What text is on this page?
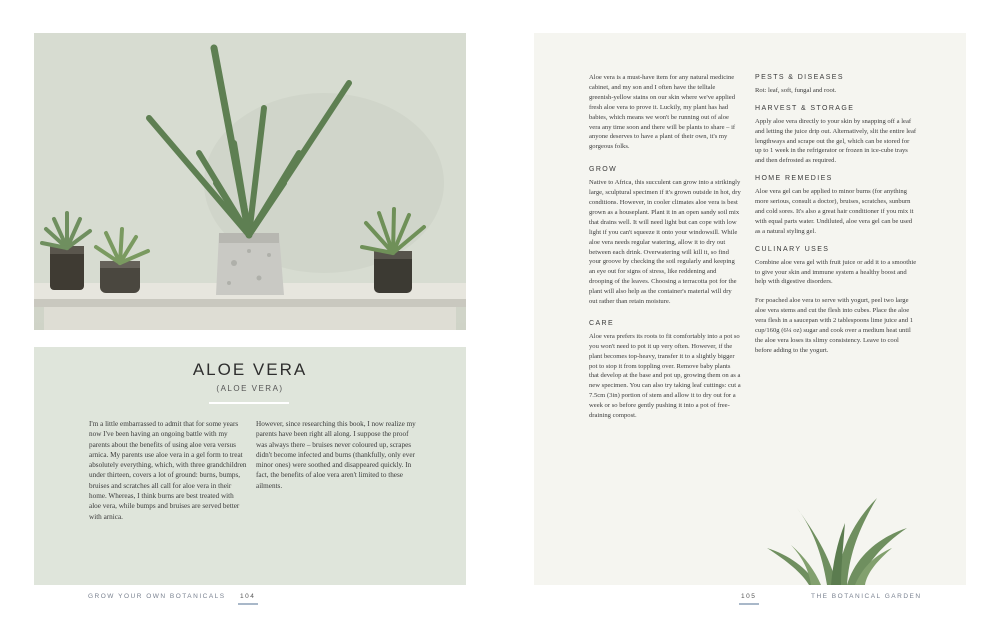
ALOE VERA
(ALOE VERA)
I'm a little embarrassed to admit that for some years now I've been having an ongoing battle with my parents about the benefits of using aloe vera versus arnica. My parents use aloe vera in a gel form to treat absolutely everything, which, with three grandchildren under thirteen, covers a lot of ground: burns, bumps, bruises and scratches all call for aloe vera in their home. Whereas, I think burns are best treated with aloe vera, while bumps and bruises are served better with arnica.
However, since researching this book, I now realize my parents have been right all along. I suppose the proof was always there – bruises never coloured up, scrapes didn't become infected and burns (thankfully, only ever minor ones) were soothed and disappeared quickly. In fact, the benefits of aloe vera aren't limited to these ailments.
GROW YOUR OWN BOTANICALS 104

Aloe vera is a must-have item for any natural medicine cabinet, and my son and I often have the telltale greenish-yellow stains on our skin where we've applied fresh aloe vera to prove it. Luckily, my plant has had babies, which means we won't be running out of aloe vera any time soon and there will be plants to share – if anyone deserves to have a plant of their own, it's my gorgeous folks.

GROW

Native to Africa, this succulent can grow into a strikingly large, sculptural specimen if it's grown outside in hot, dry conditions. However, in cooler climates aloe vera is best grown as a houseplant. Plant it in an open sandy soil mix that drains well. It will need light but can cope with low light if you can't squeeze it onto your windowsill. While aloe vera needs regular watering, allow it to dry out between each drink. Overwatering will kill it, so find your groove by checking the soil regularly and keeping an eye out for signs of stress, like reddening and drooping of the leaves. Choosing a terracotta pot for the plant will also help as the container's material will dry out rather than retain moisture.

CARE

Aloe vera prefers its roots to fit comfortably into a pot so you won't need to pot it up very often. However, if the plant becomes top-heavy, transfer it to a slightly bigger pot to stop it from toppling over. Remove baby plants that develop at the base and pot up, growing them on as a new specimen. You can also try taking leaf cuttings: cut a 7.5cm (3in) portion of stem and allow it to dry out for a week or so before gently pushing it into a pot of free-draining compost.

PESTS & DISEASES

Rot: leaf, soft, fungal and root.

HARVEST & STORAGE

Apply aloe vera directly to your skin by snapping off a leaf and letting the juice drip out. Alternatively, slit the entire leaf lengthways and scrape out the gel, which can be stored for up to 1 week in the refrigerator or frozen in ice-cube trays and then defrosted as required.

HOME REMEDIES

Aloe vera gel can be applied to minor burns (for anything more serious, consult a doctor), bruises, scratches, sunburn and cold sores. It's also a great hair conditioner if you mix it with equal parts water. Undiluted, aloe vera gel can be used as a natural styling gel.

CULINARY USES

Combine aloe vera gel with fruit juice or add it to a smoothie to give your skin and immune system a healthy boost and help with digestive disorders.

For poached aloe vera to serve with yogurt, peel two large aloe vera stems and cut the flesh into cubes. Place the aloe vera flesh in a saucepan with 2 tablespoons lime juice and 1 cup/160g (6¼ oz) sugar and cook over a medium heat until the aloe vera loses its slimy consistency. Leave to cool before adding to the yogurt.

105	THE BOTANICAL GARDEN
